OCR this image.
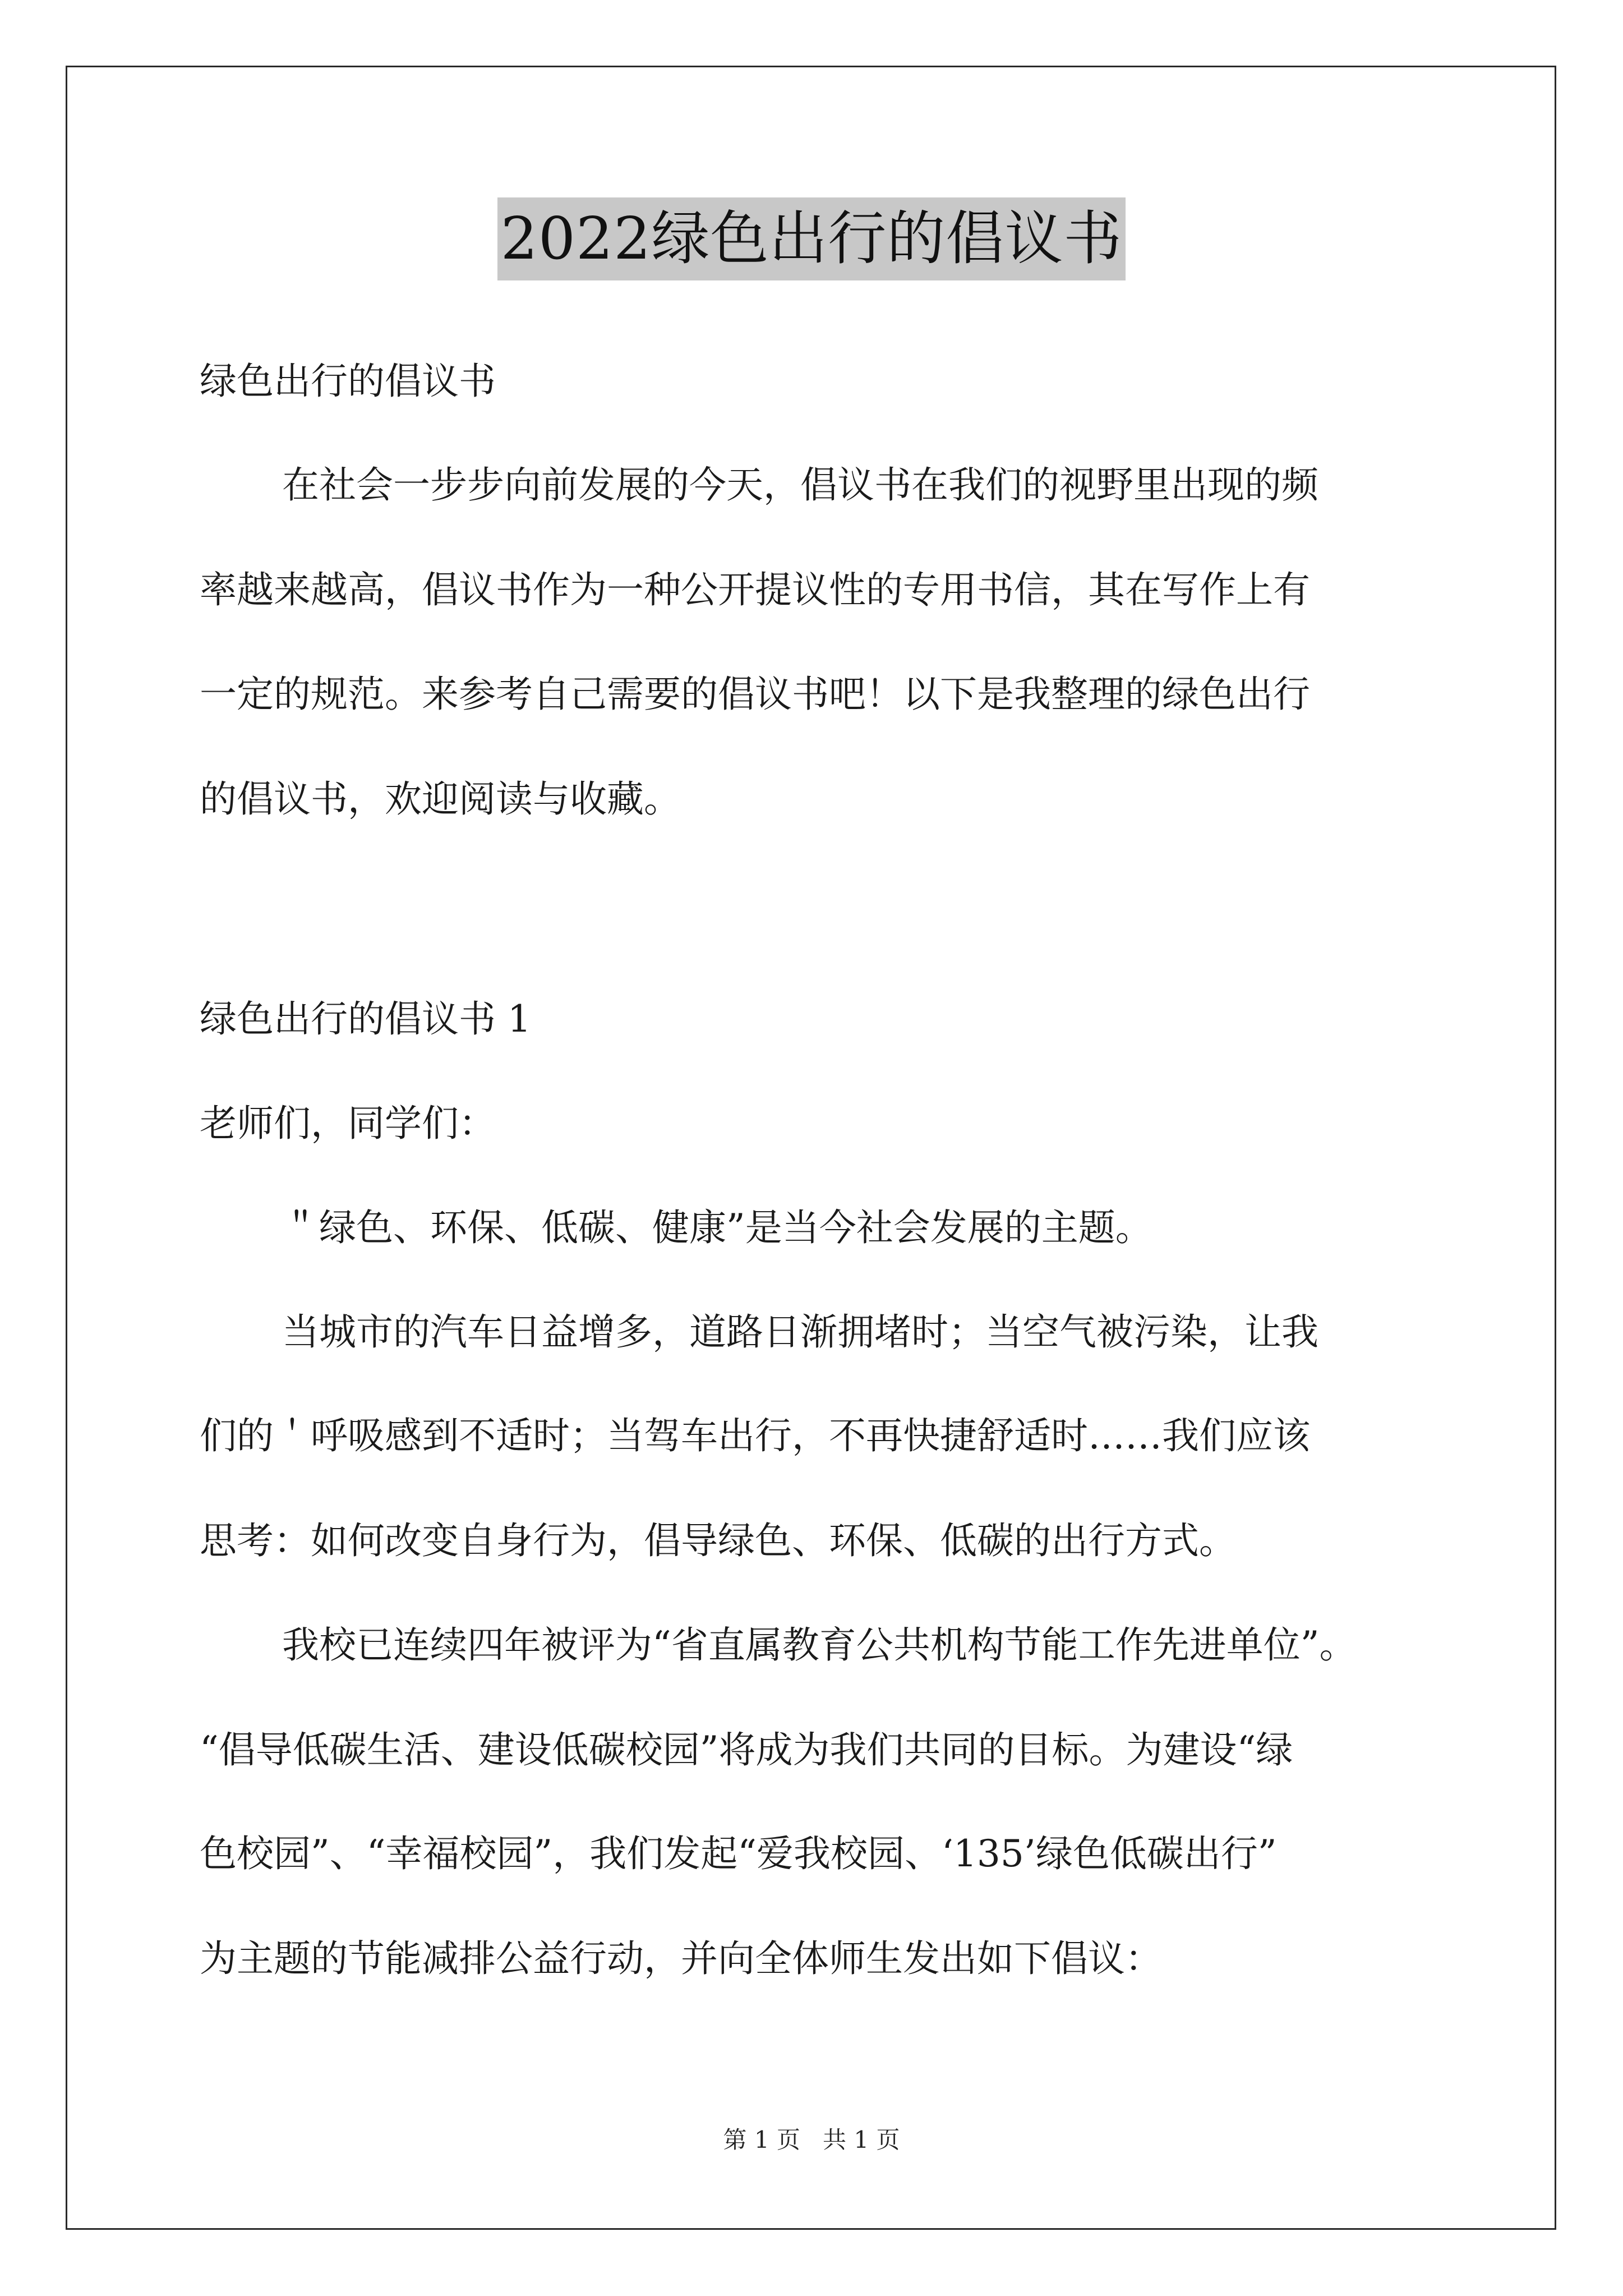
2022绿色出行的倡议书
绿色出行的倡议书
在社会一步步向前发展的今天，倡议书在我们的视野里出现的频
率越来越高，倡议书作为一种公开提议性的专用书信，其在写作上有
一定的规范。来参考自己需要的倡议书吧！以下是我整理的绿色出行
的倡议书，欢迎阅读与收藏。
绿色出行的倡议书 1
老师们，同学们：
＂绿色、环保、低碳、健康”是当今社会发展的主题。
当城市的汽车日益增多，道路日渐拥堵时；当空气被污染，让我
们的＇呼吸感到不适时；当驾车出行，不再快捷舒适时……我们应该
思考：如何改变自身行为，倡导绿色、环保、低碳的出行方式。
我校已连续四年被评为“省直属教育公共机构节能工作先进单位”。
“倡导低碳生活、建设低碳校园”将成为我们共同的目标。为建设“绿
色校园”、“幸福校园”，我们发起“爱我校园、‘135’绿色低碳出行”
为主题的节能减排公益行动，并向全体师生发出如下倡议：
第 1 页 共 1 页
